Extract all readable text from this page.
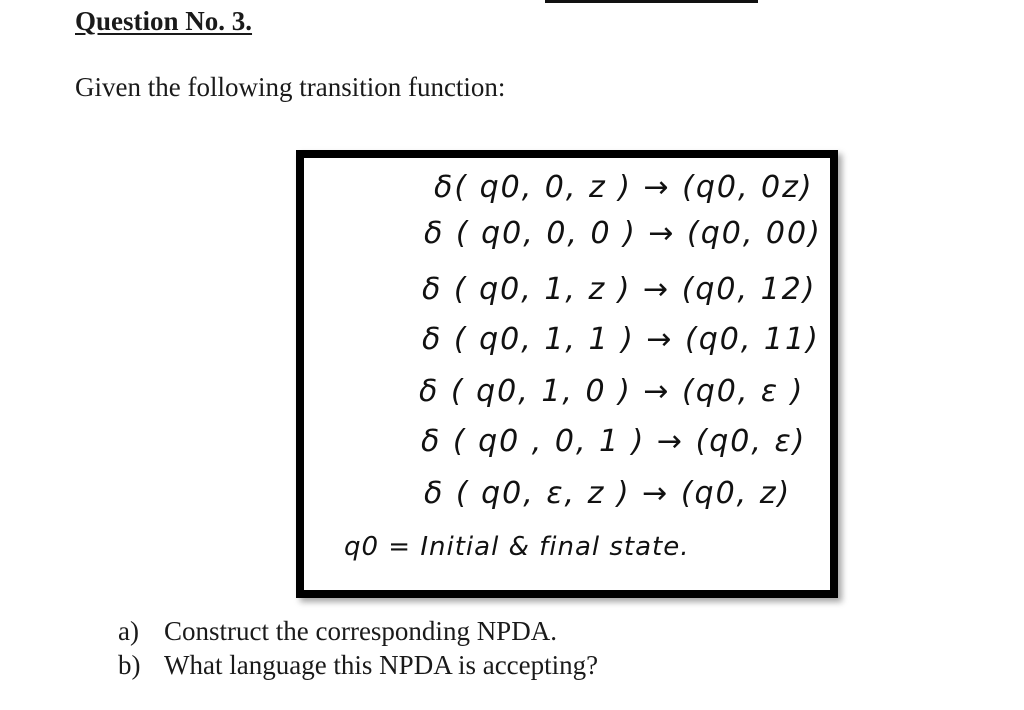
Question No. 3.

Given the following transition function:

δ( q0, 0, z ) → (q0, 0z)

δ ( q0, 0, 0 ) → (q0, 00)

δ ( q0, 1, z ) → (q0, 12)

δ ( q0, 1, 1 ) → (q0, 11)

δ ( q0, 1, 0 ) → (q0, ε )

δ ( q0 , 0, 1 ) → (q0, ε)

δ ( q0, ε, z ) → (q0, z)

q0 = Initial & final state.

a) Construct the corresponding NPDA.
b) What language this NPDA is accepting?
